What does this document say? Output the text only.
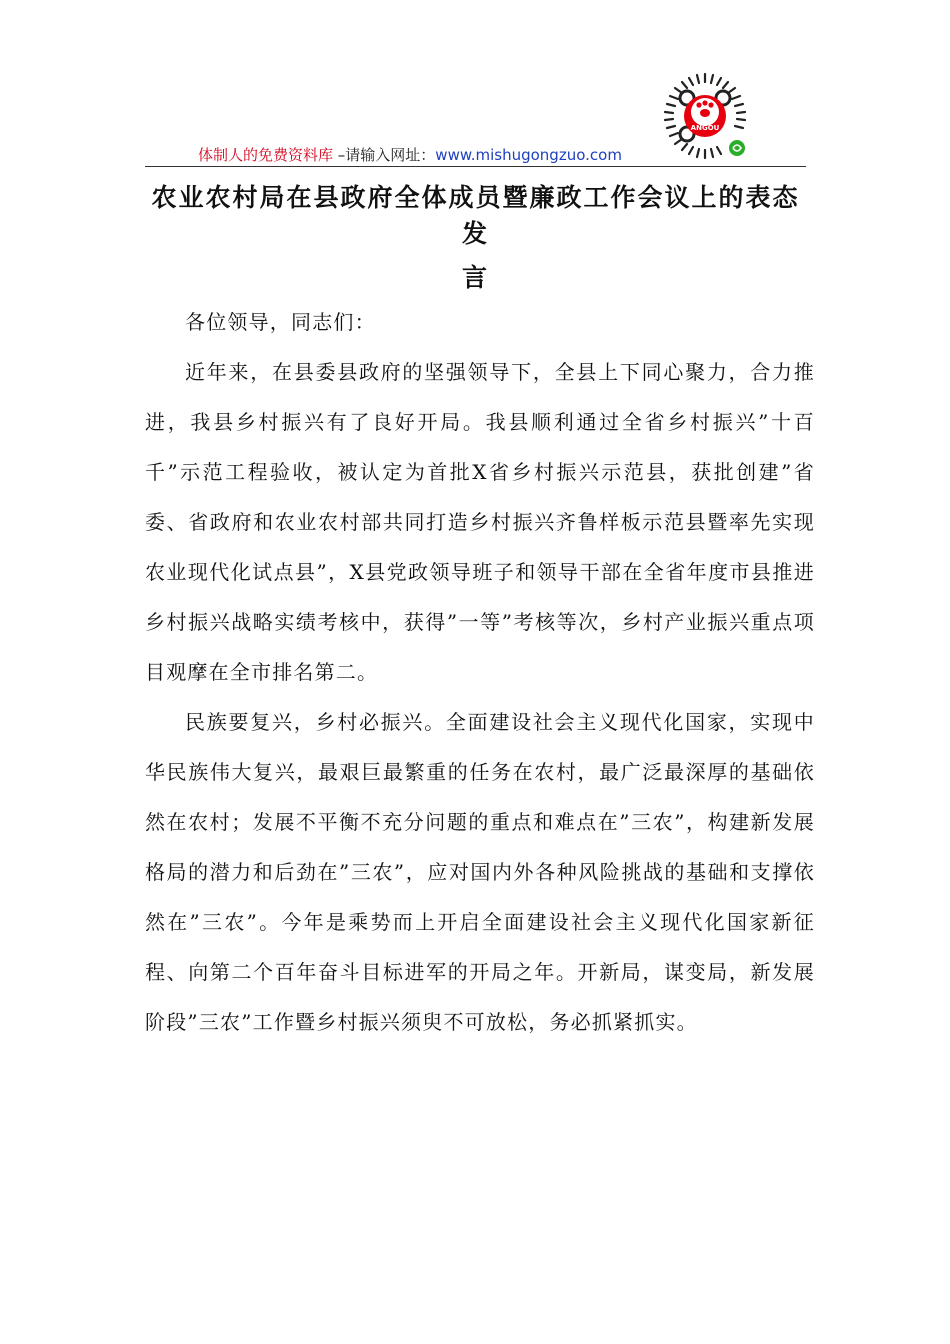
ANGOU
体制人的免费资料库 –请输入网址：www.mishugongzuo.com
农业农村局在县政府全体成员暨廉政工作会议上的表态发
言

各位领导，同志们：

近年来，在县委县政府的坚强领导下，全县上下同心聚力，合力推进，我县乡村振兴有了良好开局。我县顺利通过全省乡村振兴”十百千”示范工程验收，被认定为首批X省乡村振兴示范县，获批创建”省委、省政府和农业农村部共同打造乡村振兴齐鲁样板示范县暨率先实现农业现代化试点县”，X县党政领导班子和领导干部在全省年度市县推进乡村振兴战略实绩考核中，获得”一等”考核等次，乡村产业振兴重点项目观摩在全市排名第二。

民族要复兴，乡村必振兴。全面建设社会主义现代化国家，实现中华民族伟大复兴，最艰巨最繁重的任务在农村，最广泛最深厚的基础依然在农村；发展不平衡不充分问题的重点和难点在”三农”，构建新发展格局的潜力和后劲在”三农”，应对国内外各种风险挑战的基础和支撑依然在”三农”。今年是乘势而上开启全面建设社会主义现代化国家新征程、向第二个百年奋斗目标进军的开局之年。开新局，谋变局，新发展阶段”三农”工作暨乡村振兴须臾不可放松，务必抓紧抓实。
